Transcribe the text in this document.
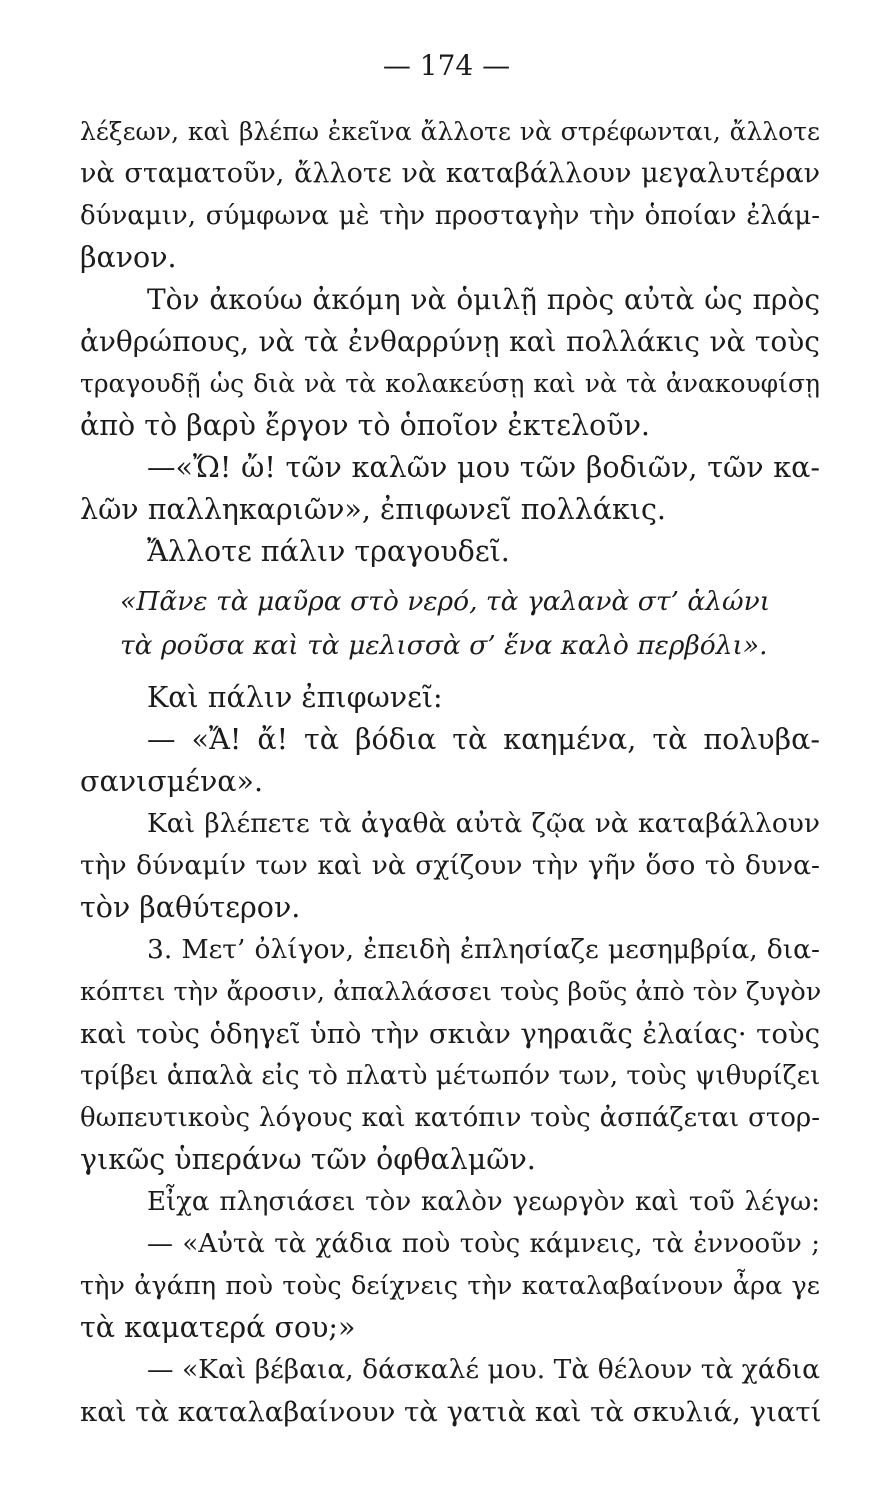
— 174 —
λέξεων, καὶ βλέπω ἐκεῖνα ἄλλοτε νὰ στρέφωνται, ἄλλοτε
νὰ σταματοῦν, ἄλλοτε νὰ καταβάλλουν μεγαλυτέραν
δύναμιν, σύμφωνα μὲ τὴν προσταγὴν τὴν ὁποίαν ἐλάμ-
βανον.
Τὸν ἀκούω ἀκόμη νὰ ὁμιλῇ πρὸς αὐτὰ ὡς πρὸς
ἀνθρώπους, νὰ τὰ ἐνθαρρύνῃ καὶ πολλάκις νὰ τοὺς
τραγουδῇ ὡς διὰ νὰ τὰ κολακεύσῃ καὶ νὰ τὰ ἀνακουφίσῃ
ἀπὸ τὸ βαρὺ ἔργον τὸ ὁποῖον ἐκτελοῦν.
—«Ὤ! ὤ! τῶν καλῶν μου τῶν βοδιῶν, τῶν κα-
λῶν παλληκαριῶν», ἐπιφωνεῖ πολλάκις.
Ἄλλοτε πάλιν τραγουδεῖ.
«Πᾶνε τὰ μαῦρα στὸ νερό, τὰ γαλανὰ στ’ ἁλώνι
τὰ ροῦσα καὶ τὰ μελισσὰ σ’ ἕνα καλὸ περβόλι».
Καὶ πάλιν ἐπιφωνεῖ:
— «Ἄ! ἄ! τὰ βόδια τὰ καημένα, τὰ πολυβα-
σανισμένα».
Καὶ βλέπετε τὰ ἀγαθὰ αὐτὰ ζῷα νὰ καταβάλλουν
τὴν δύναμίν των καὶ νὰ σχίζουν τὴν γῆν ὅσο τὸ δυνα-
τὸν βαθύτερον.
3. Μετ’ ὀλίγον, ἐπειδὴ ἐπλησίαζε μεσημβρία, δια-
κόπτει τὴν ἄροσιν, ἀπαλλάσσει τοὺς βοῦς ἀπὸ τὸν ζυγὸν
καὶ τοὺς ὁδηγεῖ ὑπὸ τὴν σκιὰν γηραιᾶς ἐλαίας· τοὺς
τρίβει ἁπαλὰ εἰς τὸ πλατὺ μέτωπόν των, τοὺς ψιθυρίζει
θωπευτικοὺς λόγους καὶ κατόπιν τοὺς ἀσπάζεται στορ-
γικῶς ὑπεράνω τῶν ὀφθαλμῶν.
Εἶχα πλησιάσει τὸν καλὸν γεωργὸν καὶ τοῦ λέγω:
— «Αὐτὰ τὰ χάδια ποὺ τοὺς κάμνεις, τὰ ἐννοοῦν ;
τὴν ἀγάπη ποὺ τοὺς δείχνεις τὴν καταλαβαίνουν ἆρα γε
τὰ καματερά σου;»
— «Καὶ βέβαια, δάσκαλέ μου. Τὰ θέλουν τὰ χάδια
καὶ τὰ καταλαβαίνουν τὰ γατιὰ καὶ τὰ σκυλιά, γιατί
